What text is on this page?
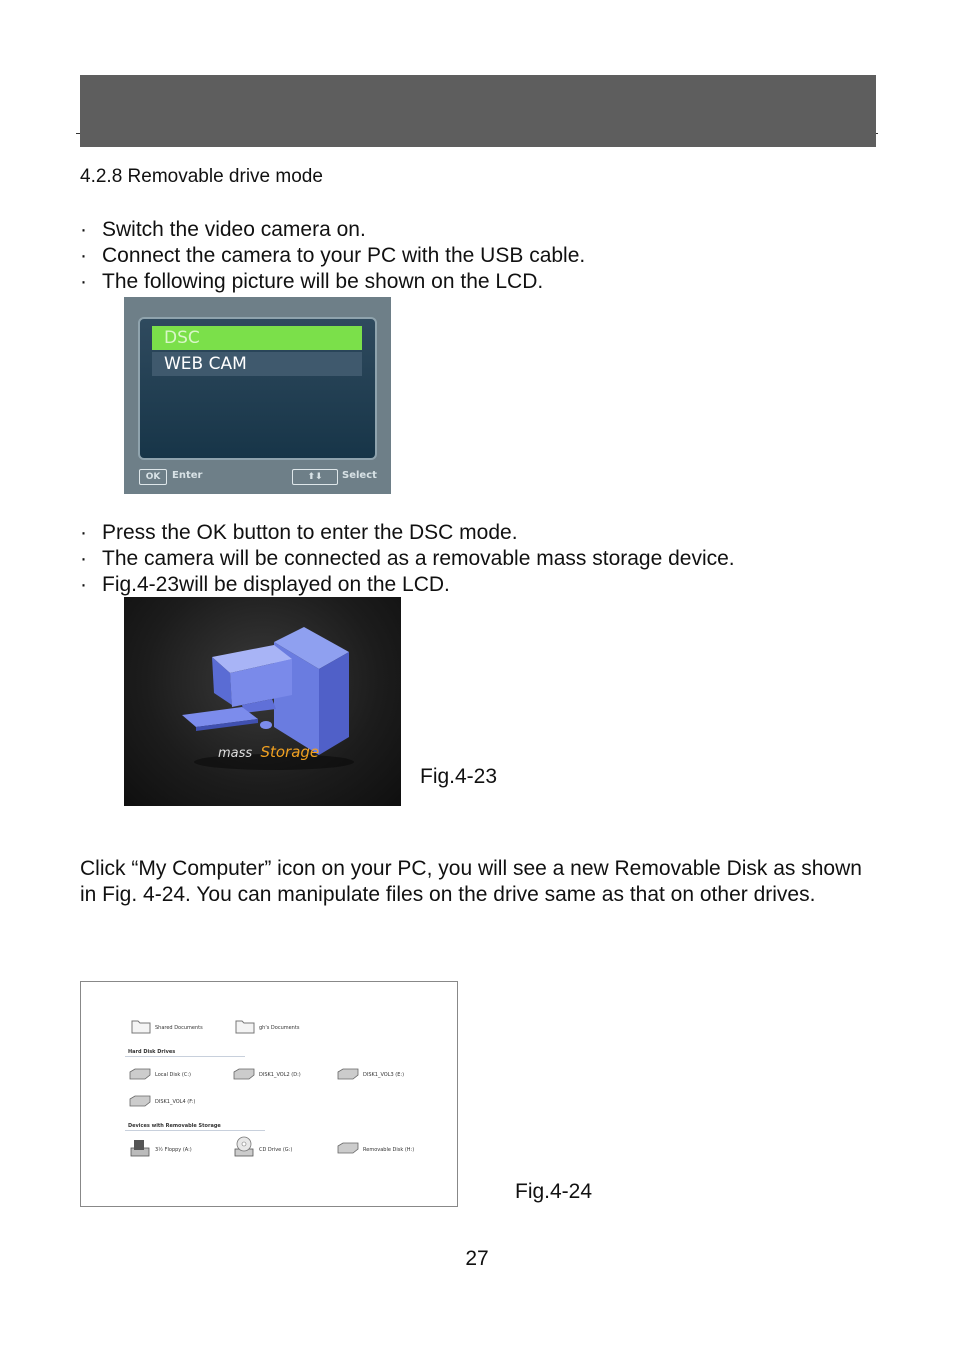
4.2.8 Removable drive mode
· Switch the video camera on.
· Connect the camera to your PC with the USB cable.
· The following picture will be shown on the LCD.
DSC
WEB CAM
OK	Enter	⬆⬇	Select
· Press the OK button to enter the DSC mode.
· The camera will be connected as a removable mass storage device.
· Fig.4-23will be displayed on the LCD.
mass Storage
Fig.4-23

Click “My Computer” icon on your PC, you will see a new Removable Disk as shown in Fig. 4-24. You can manipulate files on the drive same as that on other drives.

Shared Documents	gh's Documents
Hard Disk Drives
Local Disk (C:)	DISK1_VOL2 (D:)	DISK1_VOL3 (E:)
DISK1_VOL4 (F:)
Devices with Removable Storage
3½ Floppy (A:)	CD Drive (G:)	Removable Disk (H:)
Fig.4-24
27
